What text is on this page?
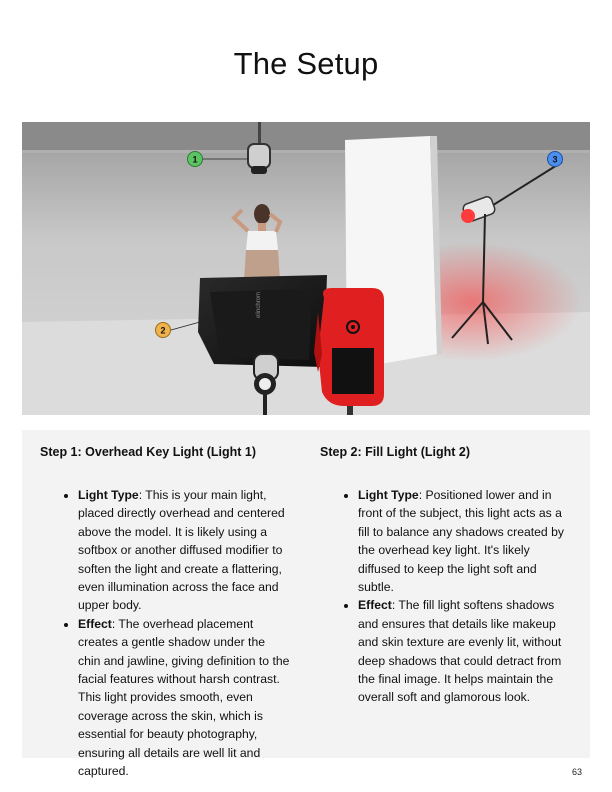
The Setup
elinchrom
1
2
3
Step 1: Overhead Key Light (Light 1)
• Light Type: This is your main light, placed directly overhead and centered above the model. It is likely using a softbox or another diffused modifier to soften the light and create a flattering, even illumination across the face and upper body.
• Effect: The overhead placement creates a gentle shadow under the chin and jawline, giving definition to the facial features without harsh contrast. This light provides smooth, even coverage across the skin, which is essential for beauty photography, ensuring all details are well lit and captured.
Step 2: Fill Light (Light 2)
• Light Type: Positioned lower and in front of the subject, this light acts as a fill to balance any shadows created by the overhead key light. It's likely diffused to keep the light soft and subtle.
• Effect: The fill light softens shadows and ensures that details like makeup and skin texture are evenly lit, without deep shadows that could detract from the final image. It helps maintain the overall soft and glamorous look.
63
